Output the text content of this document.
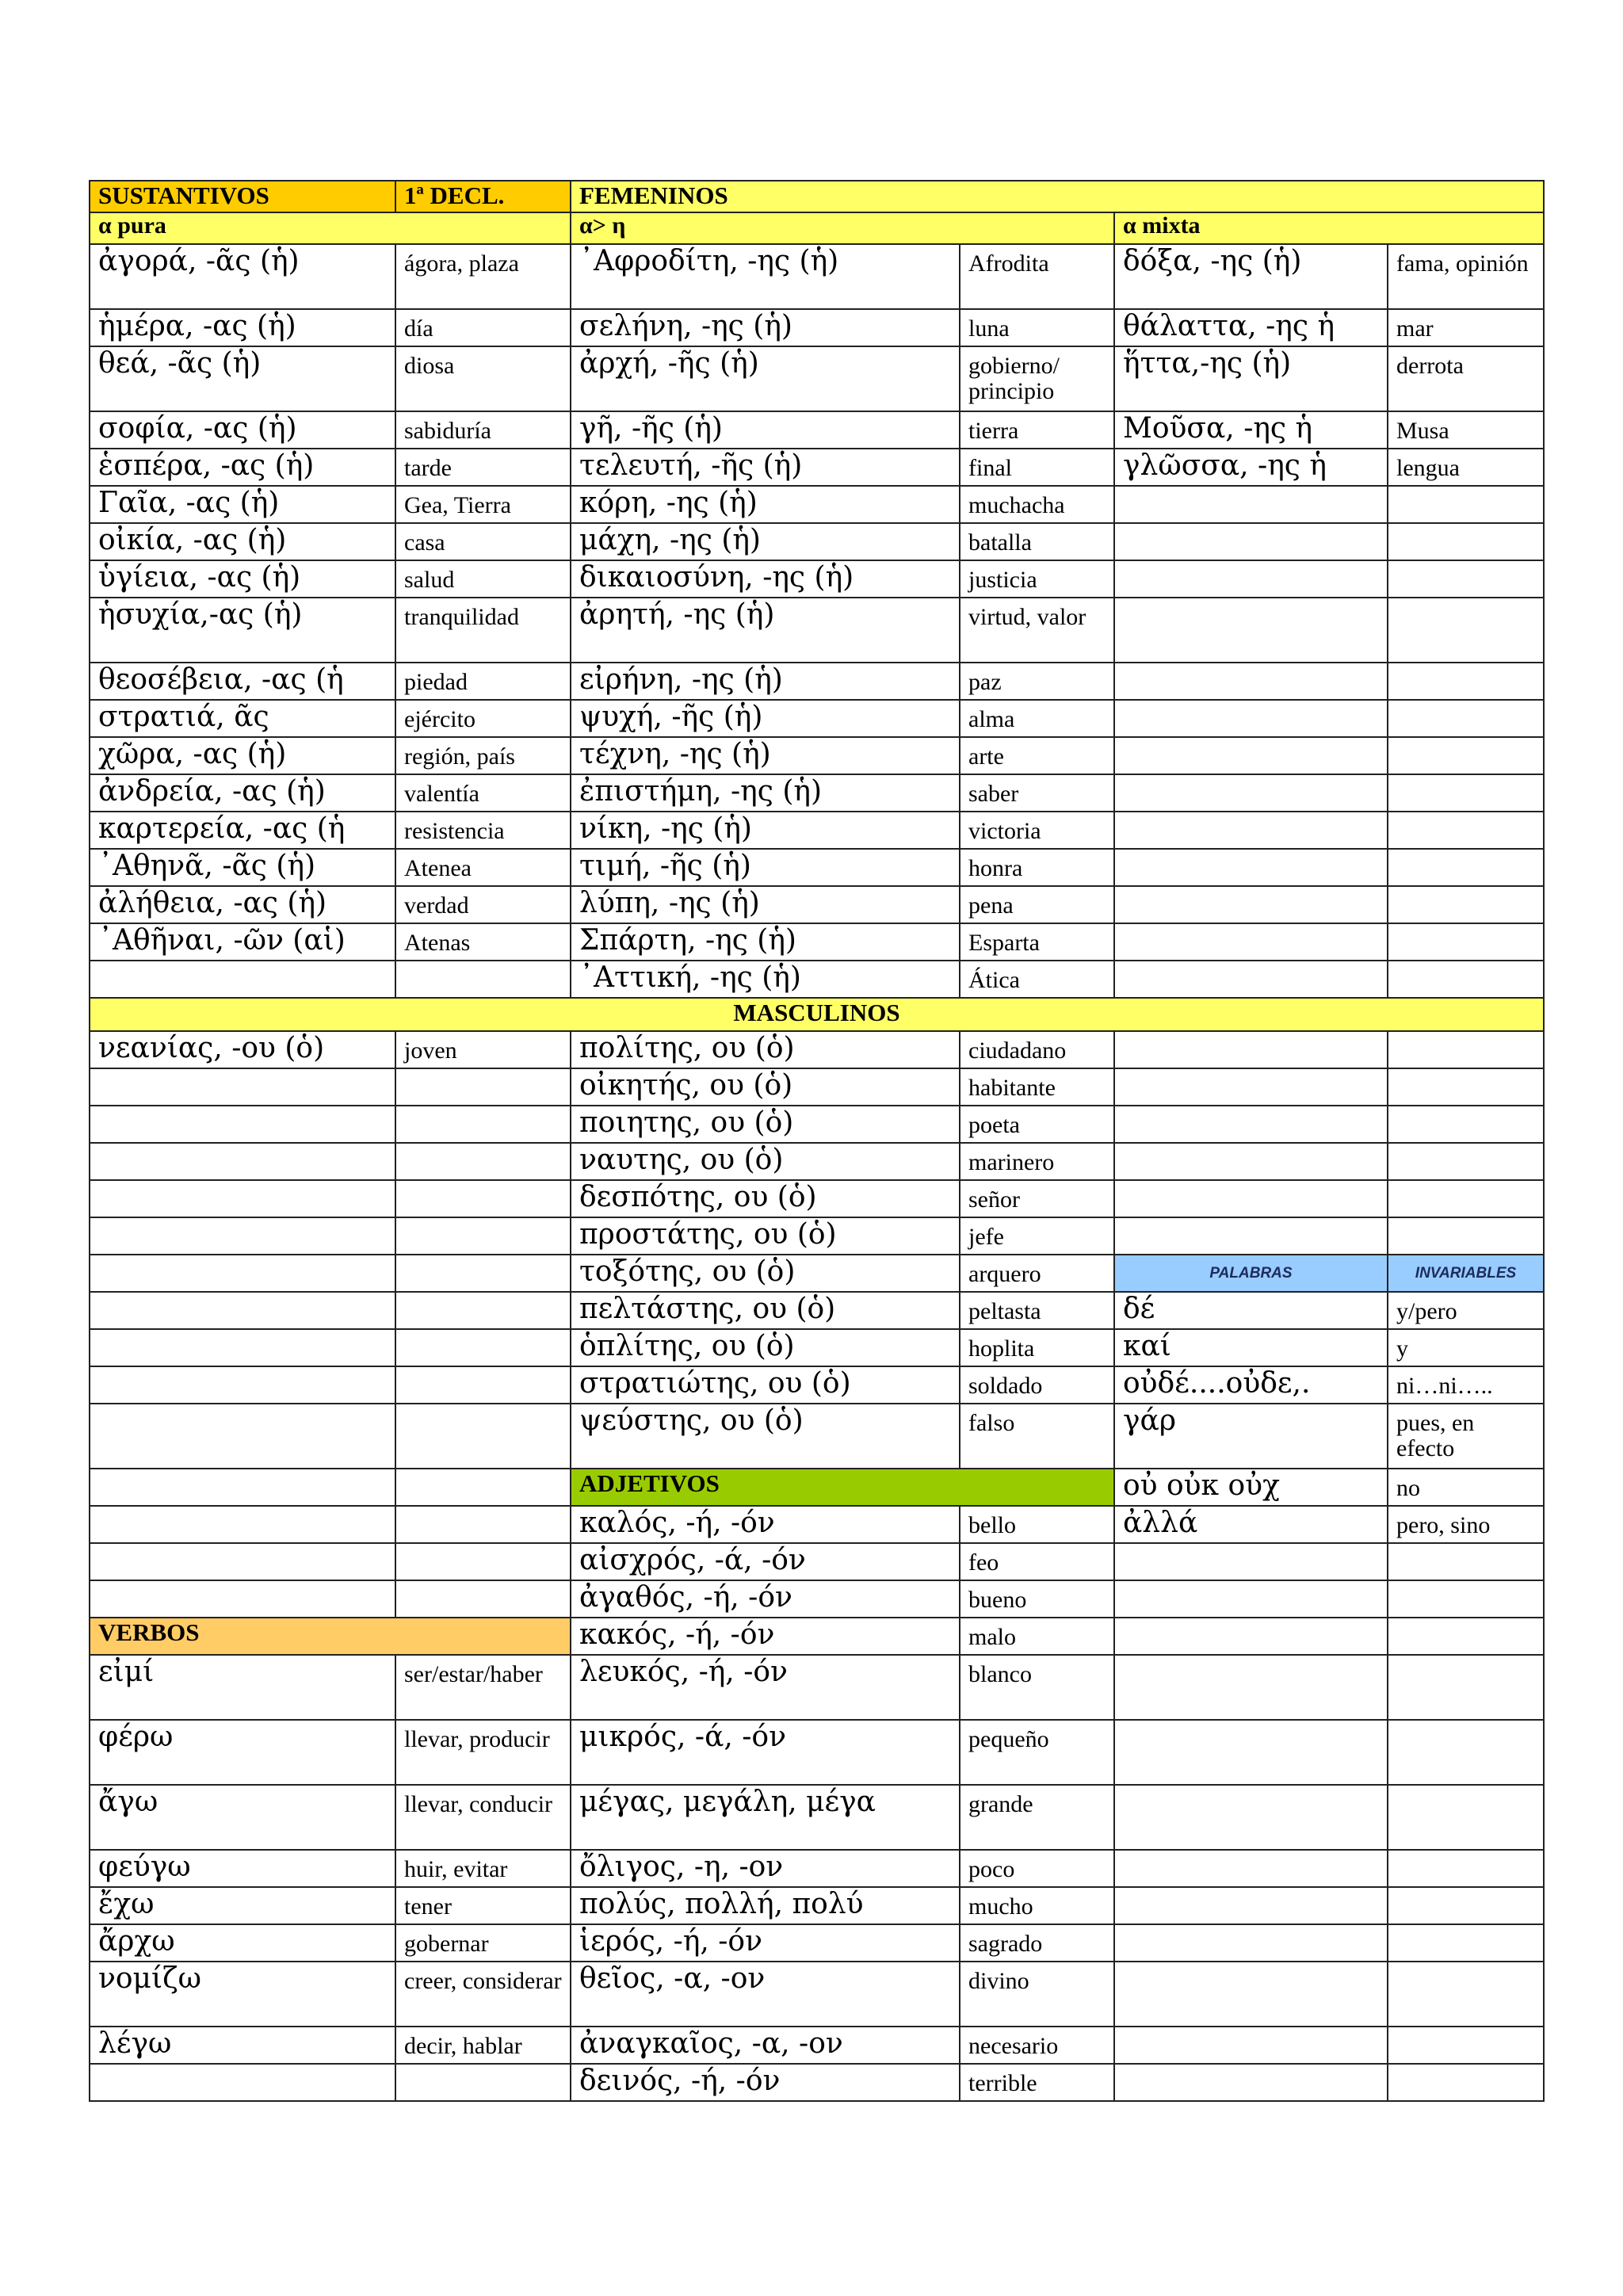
SUSTANTIVOS	1ª DECL.	FEMENINOS			
α pura		α> η		α mixta	
ἀγορά, -ᾶς (ἡ)	ágora, plaza	᾿Αφροδίτη, -ης (ἡ)	Afrodita	δόξα, -ης (ἡ)	fama, opinión
ἡμέρα, -ας (ἡ)	día	σελήνη, -ης (ἡ)	luna	θάλαττα, -ης ἡ	mar
θεά, -ᾶς (ἡ)	diosa	ἀρχή, -ῆς (ἡ)	gobierno/ principio	ἥττα,-ης (ἡ)	derrota
σοφία, -ας (ἡ)	sabiduría	γῆ, -ῆς (ἡ)	tierra	Μοῦσα, -ης ἡ	Musa
ἑσπέρα, -ας (ἡ)	tarde	τελευτή, -ῆς (ἡ)	final	γλῶσσα, -ης ἡ	lengua
Γαῖα, -ας (ἡ)	Gea, Tierra	κόρη, -ης (ἡ)	muchacha		
οἰκία, -ας (ἡ)	casa	μάχη, -ης (ἡ)	batalla		
ὑγίεια, -ας (ἡ)	salud	δικαιοσύνη, -ης (ἡ)	justicia		
ἡσυχία,-ας (ἡ)	tranquilidad	ἀρητή, -ης (ἡ)	virtud, valor		
θεοσέβεια, -ας (ἡ	piedad	εἰρήνη, -ης (ἡ)	paz		
στρατιά, ᾶς	ejército	ψυχή, -ῆς (ἡ)	alma		
χῶρα, -ας (ἡ)	región, país	τέχνη, -ης (ἡ)	arte		
ἀνδρεία, -ας (ἡ)	valentía	ἐπιστήμη, -ης (ἡ)	saber		
καρτερεία, -ας (ἡ	resistencia	νίκη, -ης (ἡ)	victoria		
᾿Αθηνᾶ, -ᾶς (ἡ)	Atenea	τιμή, -ῆς (ἡ)	honra		
ἀλήθεια, -ας (ἡ)	verdad	λύπη, -ης (ἡ)	pena		
᾿Αθῆναι, -ῶν (αἱ)	Atenas	Σπάρτη, -ης (ἡ)	Esparta		
		᾿Αττική, -ης (ἡ)	Ática		
MASCULINOS					
νεανίας, -ου (ὁ)	joven	πολίτης, ου (ὁ)	ciudadano		
		οἰκητής, ου (ὁ)	habitante		
		ποιητης, ου (ὁ)	poeta		
		ναυτης, ου (ὁ)	marinero		
		δεσπότης, ου (ὁ)	señor		
		προστάτης, ου (ὁ)	jefe		
		τοξότης, ου (ὁ)	arquero	PALABRAS	INVARIABLES
		πελτάστης, ου (ὁ)	peltasta	δέ	y/pero
		ὁπλίτης, ου (ὁ)	hoplita	καί	y
		στρατιώτης, ου (ὁ)	soldado	οὐδέ....οὐδε,.	ni…ni…..
		ψεύστης, ου (ὁ)	falso	γάρ	pues, en efecto
		ADJETIVOS		οὐ οὐκ οὐχ	no
		καλός, -ή, -όν	bello	ἀλλά	pero, sino
		αἰσχρός, -ά, -όν	feo		
		ἀγαθός, -ή, -όν	bueno		
VERBOS		κακός, -ή, -όν	malo		
εἰμί	ser/estar/haber	λευκός, -ή, -όν	blanco		
φέρω	llevar, producir	μικρός, -ά, -όν	pequeño		
ἄγω	llevar, conducir	μέγας, μεγάλη, μέγα	grande		
φεύγω	huir, evitar	ὄλιγος, -η, -ον	poco		
ἔχω	tener	πολύς, πολλή, πολύ	mucho		
ἄρχω	gobernar	ἱερός, -ή, -όν	sagrado		
νομίζω	creer, considerar	θεῖος, -α, -ον	divino		
λέγω	decir, hablar	ἀναγκαῖος, -α, -ον	necesario		
		δεινός, -ή, -όν	terrible		
